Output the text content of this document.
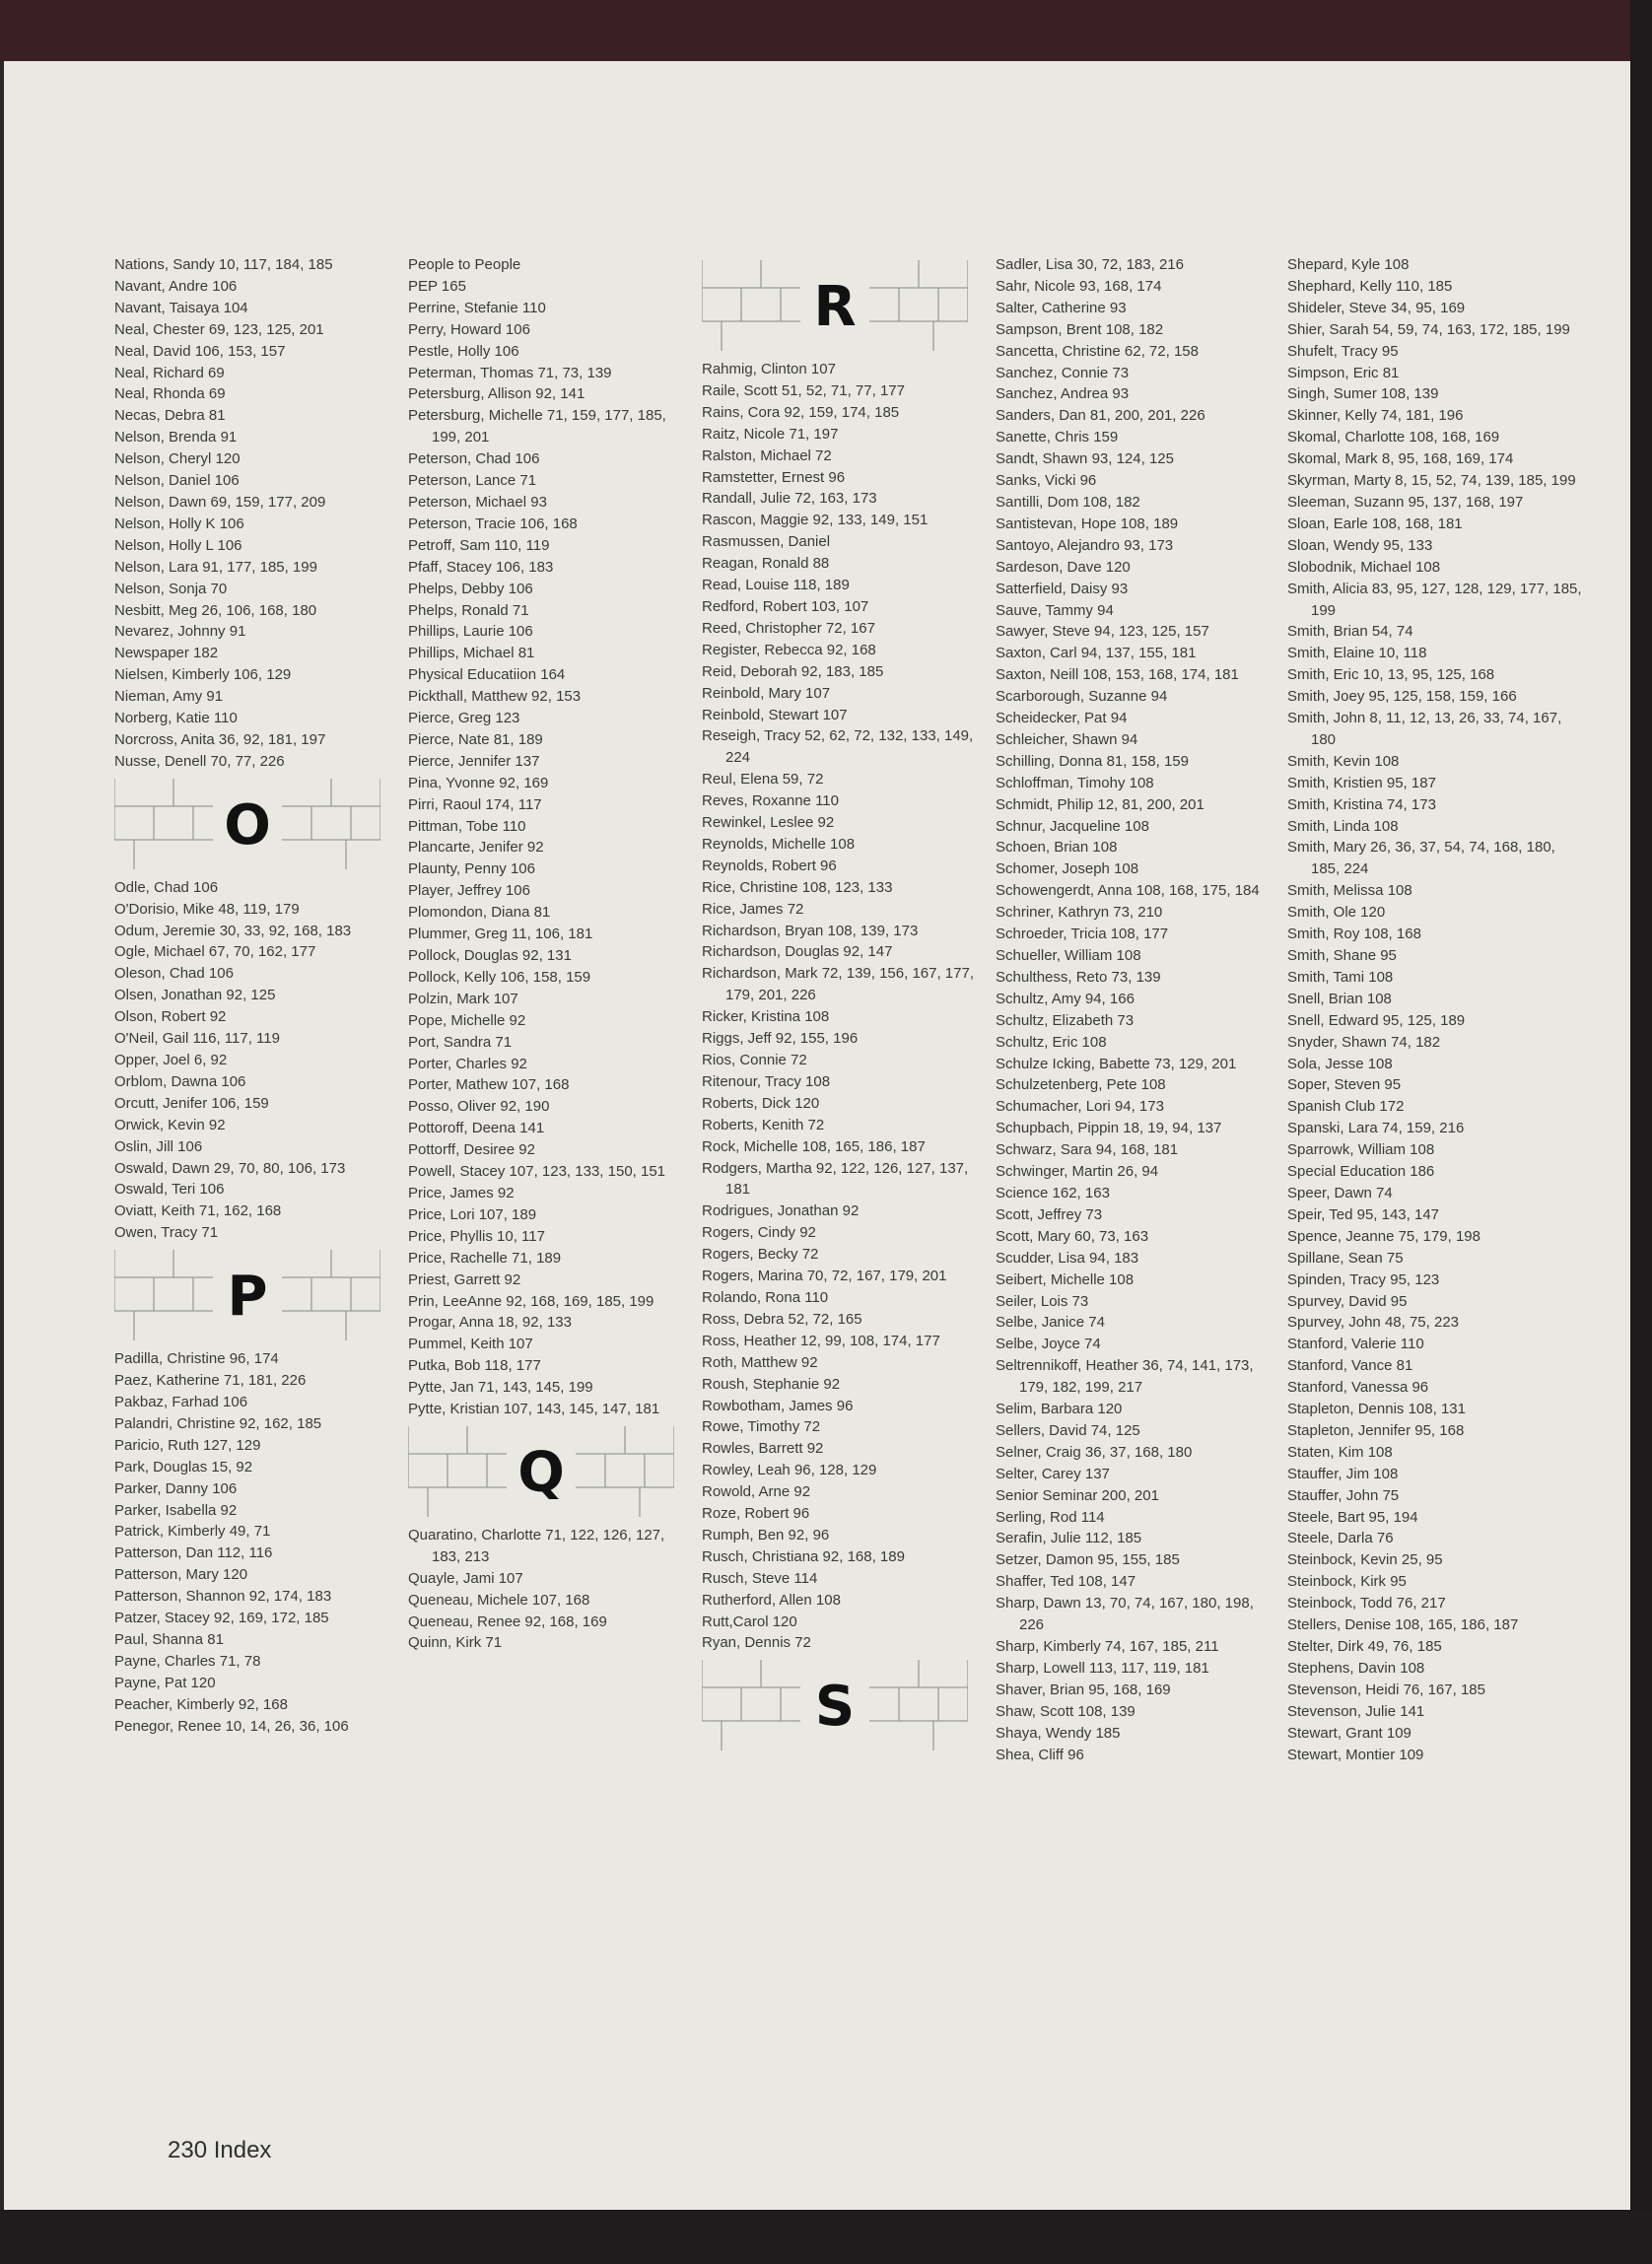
Nations, Sandy 10, 117, 184, 185
Navant, Andre 106
Navant, Taisaya 104
Neal, Chester 69, 123, 125, 201
Neal, David 106, 153, 157
Neal, Richard 69
Neal, Rhonda 69
Necas, Debra 81
Nelson, Brenda 91
Nelson, Cheryl 120
Nelson, Daniel 106
Nelson, Dawn 69, 159, 177, 209
Nelson, Holly K 106
Nelson, Holly L 106
Nelson, Lara 91, 177, 185, 199
Nelson, Sonja 70
Nesbitt, Meg 26, 106, 168, 180
Nevarez, Johnny 91
Newspaper 182
Nielsen, Kimberly 106, 129
Nieman, Amy 91
Norberg, Katie 110
Norcross, Anita 36, 92, 181, 197
Nusse, Denell 70, 77, 226
O
Odle, Chad 106
O'Dorisio, Mike 48, 119, 179
Odum, Jeremie 30, 33, 92, 168, 183
Ogle, Michael 67, 70, 162, 177
Oleson, Chad 106
Olsen, Jonathan 92, 125
Olson, Robert 92
O'Neil, Gail 116, 117, 119
Opper, Joel 6, 92
Orblom, Dawna 106
Orcutt, Jenifer 106, 159
Orwick, Kevin 92
Oslin, Jill 106
Oswald, Dawn 29, 70, 80, 106, 173
Oswald, Teri 106
Oviatt, Keith 71, 162, 168
Owen, Tracy 71
P
Padilla, Christine 96, 174
Paez, Katherine 71, 181, 226
Pakbaz, Farhad 106
Palandri, Christine 92, 162, 185
Paricio, Ruth 127, 129
Park, Douglas 15, 92
Parker, Danny 106
Parker, Isabella 92
Patrick, Kimberly 49, 71
Patterson, Dan 112, 116
Patterson, Mary 120
Patterson, Shannon 92, 174, 183
Patzer, Stacey 92, 169, 172, 185
Paul, Shanna 81
Payne, Charles 71, 78
Payne, Pat 120
Peacher, Kimberly 92, 168
Penegor, Renee 10, 14, 26, 36, 106
People to People
PEP 165
Perrine, Stefanie 110
Perry, Howard 106
Pestle, Holly 106
Peterman, Thomas 71, 73, 139
Petersburg, Allison 92, 141
Petersburg, Michelle 71, 159, 177, 185, 199, 201
Peterson, Chad 106
Peterson, Lance 71
Peterson, Michael 93
Peterson, Tracie 106, 168
Petroff, Sam 110, 119
Pfaff, Stacey 106, 183
Phelps, Debby 106
Phelps, Ronald 71
Phillips, Laurie 106
Phillips, Michael 81
Physical Educatiion 164
Pickthall, Matthew 92, 153
Pierce, Greg 123
Pierce, Nate 81, 189
Pierce, Jennifer 137
Pina, Yvonne 92, 169
Pirri, Raoul 174, 117
Pittman, Tobe 110
Plancarte, Jenifer 92
Plaunty, Penny 106
Player, Jeffrey 106
Plomondon, Diana 81
Plummer, Greg 11, 106, 181
Pollock, Douglas 92, 131
Pollock, Kelly 106, 158, 159
Polzin, Mark 107
Pope, Michelle 92
Port, Sandra 71
Porter, Charles 92
Porter, Mathew 107, 168
Posso, Oliver 92, 190
Pottoroff, Deena 141
Pottorff, Desiree 92
Powell, Stacey 107, 123, 133, 150, 151
Price, James 92
Price, Lori 107, 189
Price, Phyllis 10, 117
Price, Rachelle 71, 189
Priest, Garrett 92
Prin, LeeAnne 92, 168, 169, 185, 199
Progar, Anna 18, 92, 133
Pummel, Keith 107
Putka, Bob 118, 177
Pytte, Jan 71, 143, 145, 199
Pytte, Kristian 107, 143, 145, 147, 181
Q
Quaratino, Charlotte 71, 122, 126, 127, 183, 213
Quayle, Jami 107
Queneau, Michele 107, 168
Queneau, Renee 92, 168, 169
Quinn, Kirk 71
R
Rahmig, Clinton 107
Raile, Scott 51, 52, 71, 77, 177
Rains, Cora 92, 159, 174, 185
Raitz, Nicole 71, 197
Ralston, Michael 72
Ramstetter, Ernest 96
Randall, Julie 72, 163, 173
Rascon, Maggie 92, 133, 149, 151
Rasmussen, Daniel
Reagan, Ronald 88
Read, Louise 118, 189
Redford, Robert 103, 107
Reed, Christopher 72, 167
Register, Rebecca 92, 168
Reid, Deborah 92, 183, 185
Reinbold, Mary 107
Reinbold, Stewart 107
Reseigh, Tracy 52, 62, 72, 132, 133, 149, 224
Reul, Elena 59, 72
Reves, Roxanne 110
Rewinkel, Leslee 92
Reynolds, Michelle 108
Reynolds, Robert 96
Rice, Christine 108, 123, 133
Rice, James 72
Richardson, Bryan 108, 139, 173
Richardson, Douglas 92, 147
Richardson, Mark 72, 139, 156, 167, 177, 179, 201, 226
Ricker, Kristina 108
Riggs, Jeff 92, 155, 196
Rios, Connie 72
Ritenour, Tracy 108
Roberts, Dick 120
Roberts, Kenith 72
Rock, Michelle 108, 165, 186, 187
Rodgers, Martha 92, 122, 126, 127, 137, 181
Rodrigues, Jonathan 92
Rogers, Cindy 92
Rogers, Becky 72
Rogers, Marina 70, 72, 167, 179, 201
Rolando, Rona 110
Ross, Debra 52, 72, 165
Ross, Heather 12, 99, 108, 174, 177
Roth, Matthew 92
Roush, Stephanie 92
Rowbotham, James 96
Rowe, Timothy 72
Rowles, Barrett 92
Rowley, Leah 96, 128, 129
Rowold, Arne 92
Roze, Robert 96
Rumph, Ben 92, 96
Rusch, Christiana 92, 168, 189
Rusch, Steve 114
Rutherford, Allen 108
Rutt,Carol 120
Ryan, Dennis 72
S
Sadler, Lisa 30, 72, 183, 216
Sahr, Nicole 93, 168, 174
Salter, Catherine 93
Sampson, Brent 108, 182
Sancetta, Christine 62, 72, 158
Sanchez, Connie 73
Sanchez, Andrea 93
Sanders, Dan 81, 200, 201, 226
Sanette, Chris 159
Sandt, Shawn 93, 124, 125
Sanks, Vicki 96
Santilli, Dom 108, 182
Santistevan, Hope 108, 189
Santoyo, Alejandro 93, 173
Sardeson, Dave 120
Satterfield, Daisy 93
Sauve, Tammy 94
Sawyer, Steve 94, 123, 125, 157
Saxton, Carl 94, 137, 155, 181
Saxton, Neill 108, 153, 168, 174, 181
Scarborough, Suzanne 94
Scheidecker, Pat 94
Schleicher, Shawn 94
Schilling, Donna 81, 158, 159
Schloffman, Timohy 108
Schmidt, Philip 12, 81, 200, 201
Schnur, Jacqueline 108
Schoen, Brian 108
Schomer, Joseph 108
Schowengerdt, Anna 108, 168, 175, 184
Schriner, Kathryn 73, 210
Schroeder, Tricia 108, 177
Schueller, William 108
Schulthess, Reto 73, 139
Schultz, Amy 94, 166
Schultz, Elizabeth 73
Schultz, Eric 108
Schulze Icking, Babette 73, 129, 201
Schulzetenberg, Pete 108
Schumacher, Lori 94, 173
Schupbach, Pippin 18, 19, 94, 137
Schwarz, Sara 94, 168, 181
Schwinger, Martin 26, 94
Science 162, 163
Scott, Jeffrey 73
Scott, Mary 60, 73, 163
Scudder, Lisa 94, 183
Seibert, Michelle 108
Seiler, Lois 73
Selbe, Janice 74
Selbe, Joyce 74
Seltrennikoff, Heather 36, 74, 141, 173, 179, 182, 199, 217
Selim, Barbara 120
Sellers, David 74, 125
Selner, Craig 36, 37, 168, 180
Selter, Carey 137
Senior Seminar 200, 201
Serling, Rod 114
Serafin, Julie 112, 185
Setzer, Damon 95, 155, 185
Shaffer, Ted 108, 147
Sharp, Dawn 13, 70, 74, 167, 180, 198, 226
Sharp, Kimberly 74, 167, 185, 211
Sharp, Lowell 113, 117, 119, 181
Shaver, Brian 95, 168, 169
Shaw, Scott 108, 139
Shaya, Wendy 185
Shea, Cliff 96
Shepard, Kyle 108
Shephard, Kelly 110, 185
Shideler, Steve 34, 95, 169
Shier, Sarah 54, 59, 74, 163, 172, 185, 199
Shufelt, Tracy 95
Simpson, Eric 81
Singh, Sumer 108, 139
Skinner, Kelly 74, 181, 196
Skomal, Charlotte 108, 168, 169
Skomal, Mark 8, 95, 168, 169, 174
Skyrman, Marty 8, 15, 52, 74, 139, 185, 199
Sleeman, Suzann 95, 137, 168, 197
Sloan, Earle 108, 168, 181
Sloan, Wendy 95, 133
Slobodnik, Michael 108
Smith, Alicia 83, 95, 127, 128, 129, 177, 185, 199
Smith, Brian 54, 74
Smith, Elaine 10, 118
Smith, Eric 10, 13, 95, 125, 168
Smith, Joey 95, 125, 158, 159, 166
Smith, John 8, 11, 12, 13, 26, 33, 74, 167, 180
Smith, Kevin 108
Smith, Kristien 95, 187
Smith, Kristina 74, 173
Smith, Linda 108
Smith, Mary 26, 36, 37, 54, 74, 168, 180, 185, 224
Smith, Melissa 108
Smith, Ole 120
Smith, Roy 108, 168
Smith, Shane 95
Smith, Tami 108
Snell, Brian 108
Snell, Edward 95, 125, 189
Snyder, Shawn 74, 182
Sola, Jesse 108
Soper, Steven 95
Spanish Club 172
Spanski, Lara 74, 159, 216
Sparrowk, William 108
Special Education 186
Speer, Dawn 74
Speir, Ted 95, 143, 147
Spence, Jeanne 75, 179, 198
Spillane, Sean 75
Spinden, Tracy 95, 123
Spurvey, David 95
Spurvey, John 48, 75, 223
Stanford, Valerie 110
Stanford, Vance 81
Stanford, Vanessa 96
Stapleton, Dennis 108, 131
Stapleton, Jennifer 95, 168
Staten, Kim 108
Stauffer, Jim 108
Stauffer, John 75
Steele, Bart 95, 194
Steele, Darla 76
Steinbock, Kevin 25, 95
Steinbock, Kirk 95
Steinbock, Todd 76, 217
Stellers, Denise 108, 165, 186, 187
Stelter, Dirk 49, 76, 185
Stephens, Davin 108
Stevenson, Heidi 76, 167, 185
Stevenson, Julie 141
Stewart, Grant 109
Stewart, Montier 109
230 Index
